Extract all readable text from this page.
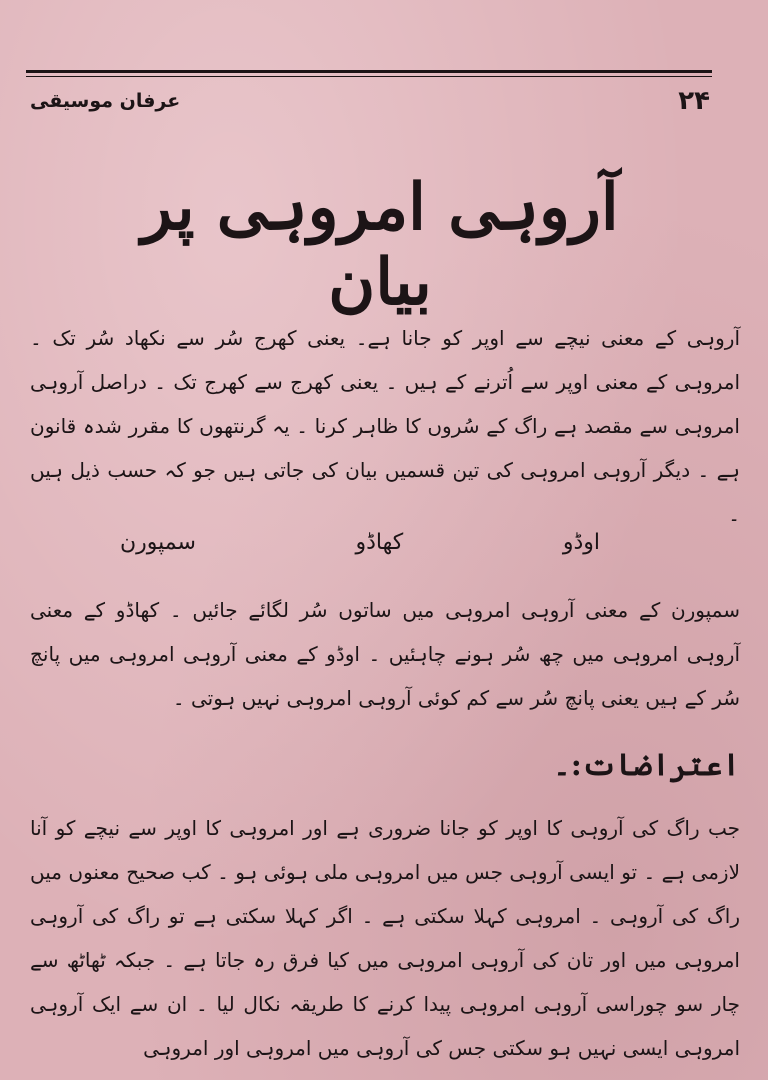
عرفان موسیقی	۲۴
آروہی امروہی پر بیان
آروہی کے معنی نیچے سے اوپر کو جانا ہے۔ یعنی کھرج سُر سے نکھاد سُر تک ۔ امروہی کے معنی اوپر سے اُترنے کے ہیں ۔ یعنی کھرج سے کھرج تک ۔ دراصل آروہی امروہی سے مقصد ہے راگ کے سُروں کا ظاہر کرنا ۔ یہ گرنتھوں کا مقرر شدہ قانون ہے ۔ دیگر آروہی امروہی کی تین قسمیں بیان کی جاتی ہیں جو کہ حسب ذیل ہیں ۔
اوڈو
کھاڈو
سمپورن
سمپورن کے معنی آروہی امروہی میں ساتوں سُر لگائے جائیں ۔ کھاڈو کے معنی آروہی امروہی میں چھ سُر ہونے چاہئیں ۔ اوڈو کے معنی آروہی امروہی میں پانچ سُر کے ہیں یعنی پانچ سُر سے کم کوئی آروہی امروہی نہیں ہوتی ۔
اعتراضات:۔
جب راگ کی آروہی کا اوپر کو جانا ضروری ہے اور امروہی کا اوپر سے نیچے کو آنا لازمی ہے ۔ تو ایسی آروہی جس میں امروہی ملی ہوئی ہو ۔ کب صحیح معنوں میں راگ کی آروہی ۔ امروہی کہلا سکتی ہے ۔ اگر کہلا سکتی ہے تو راگ کی آروہی امروہی میں اور تان کی آروہی امروہی میں کیا فرق رہ جاتا ہے ۔ جبکہ ٹھاٹھ سے چار سو چوراسی آروہی امروہی پیدا کرنے کا طریقہ نکال لیا ۔ ان سے ایک آروہی امروہی ایسی نہیں ہو سکتی جس کی آروہی میں امروہی اور امروہی
